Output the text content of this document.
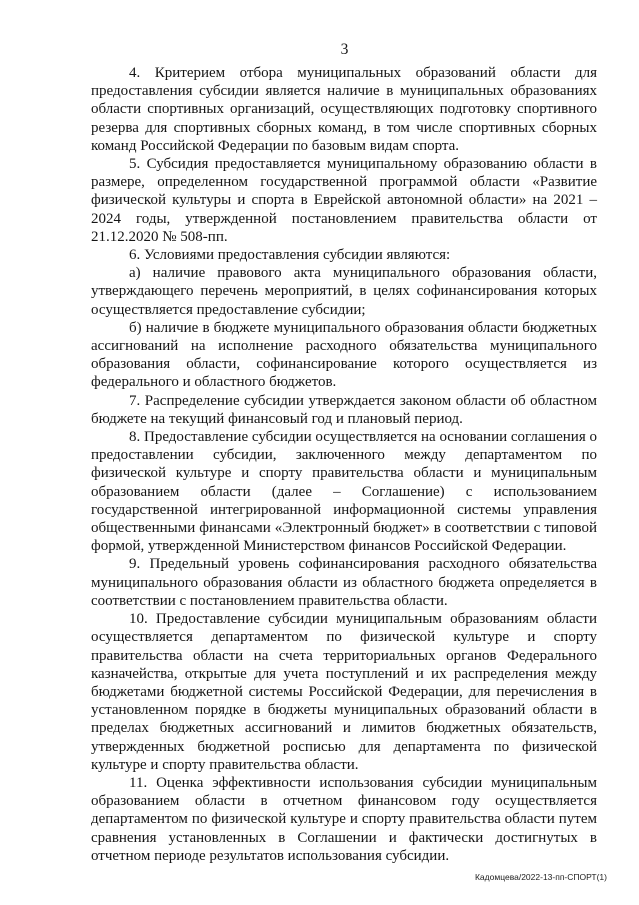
3

4. Критерием отбора муниципальных образований области для предоставления субсидии является наличие в муниципальных образованиях области спортивных организаций, осуществляющих подготовку спортивного резерва для спортивных сборных команд, в том числе спортивных сборных команд Российской Федерации по базовым видам спорта.

5. Субсидия предоставляется муниципальному образованию области в размере, определенном государственной программой области «Развитие физической культуры и спорта в Еврейской автономной области» на 2021 – 2024 годы, утвержденной постановлением правительства области от 21.12.2020 № 508-пп.

6. Условиями предоставления субсидии являются:

а) наличие правового акта муниципального образования области, утверждающего перечень мероприятий, в целях софинансирования которых осуществляется предоставление субсидии;

б) наличие в бюджете муниципального образования области бюджетных ассигнований на исполнение расходного обязательства муниципального образования области, софинансирование которого осуществляется из федерального и областного бюджетов.

7. Распределение субсидии утверждается законом области об областном бюджете на текущий финансовый год и плановый период.

8. Предоставление субсидии осуществляется на основании соглашения о предоставлении субсидии, заключенного между департаментом по физической культуре и спорту правительства области и муниципальным образованием области (далее – Соглашение) с использованием государственной интегрированной информационной системы управления общественными финансами «Электронный бюджет» в соответствии с типовой формой, утвержденной Министерством финансов Российской Федерации.

9. Предельный уровень софинансирования расходного обязательства муниципального образования области из областного бюджета определяется в соответствии с постановлением правительства области.

10. Предоставление субсидии муниципальным образованиям области осуществляется департаментом по физической культуре и спорту правительства области на счета территориальных органов Федерального казначейства, открытые для учета поступлений и их распределения между бюджетами бюджетной системы Российской Федерации, для перечисления в установленном порядке в бюджеты муниципальных образований области в пределах бюджетных ассигнований и лимитов бюджетных обязательств, утвержденных бюджетной росписью для департамента по физической культуре и спорту правительства области.

11. Оценка эффективности использования субсидии муниципальным образованием области в отчетном финансовом году осуществляется департаментом по физической культуре и спорту правительства области путем сравнения установленных в Соглашении и фактически достигнутых в отчетном периоде результатов использования субсидии.

Кадомцева/2022-13-пп-СПОРТ(1)
